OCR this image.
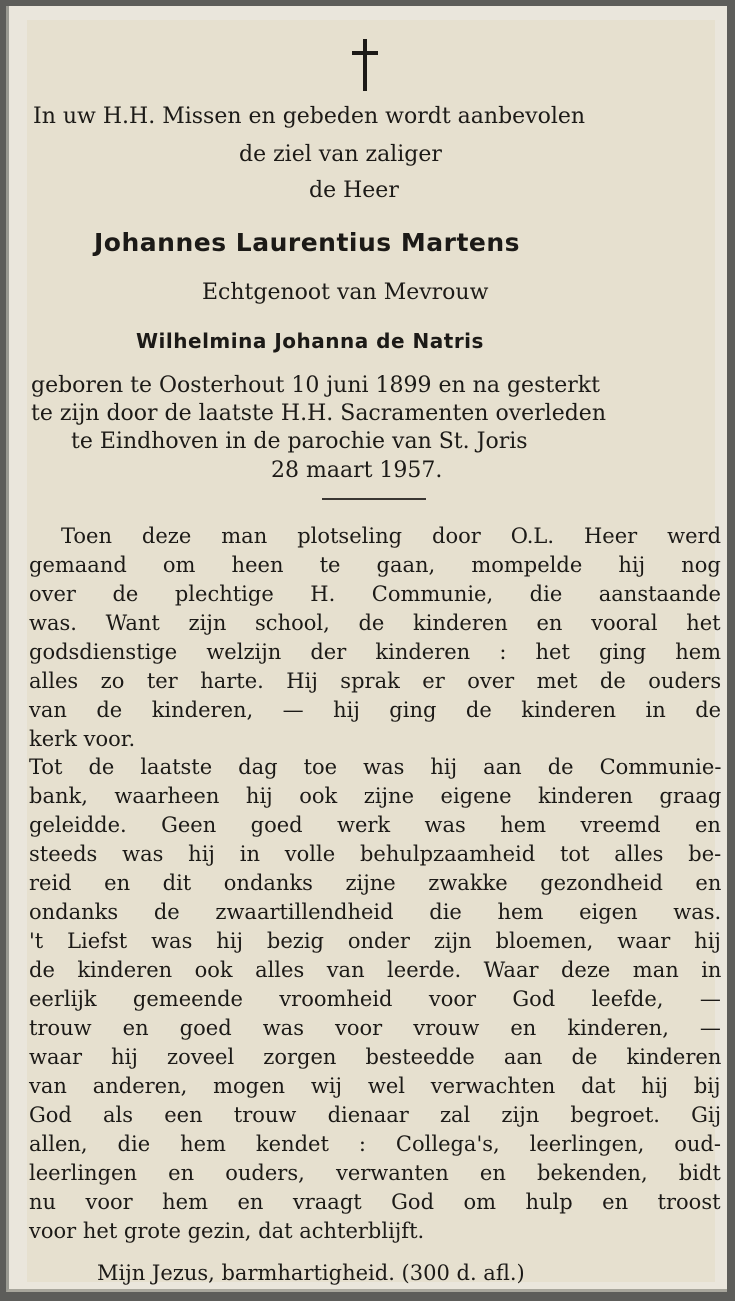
In uw H.H. Missen en gebeden wordt aanbevolen
de ziel van zaliger
de Heer
Johannes Laurentius Martens
Echtgenoot van Mevrouw
Wilhelmina Johanna de Natris
geboren te Oosterhout 10 juni 1899 en na gesterkt
te zijn door de laatste H.H. Sacramenten overleden
te Eindhoven in de parochie van St. Joris
28 maart 1957.
Toen deze man plotseling door O.L. Heer werd
gemaand om heen te gaan, mompelde hij nog
over de plechtige H. Communie, die aanstaande
was. Want zijn school, de kinderen en vooral het
godsdienstige welzijn der kinderen : het ging hem
alles zo ter harte. Hij sprak er over met de ouders
van de kinderen, — hij ging de kinderen in de
kerk voor.
Tot de laatste dag toe was hij aan de Communie-
bank, waarheen hij ook zijne eigene kinderen graag
geleidde. Geen goed werk was hem vreemd en
steeds was hij in volle behulpzaamheid tot alles be-
reid en dit ondanks zijne zwakke gezondheid en
ondanks de zwaartillendheid die hem eigen was.
't Liefst was hij bezig onder zijn bloemen, waar hij
de kinderen ook alles van leerde. Waar deze man in
eerlijk gemeende vroomheid voor God leefde, —
trouw en goed was voor vrouw en kinderen, —
waar hij zoveel zorgen besteedde aan de kinderen
van anderen, mogen wij wel verwachten dat hij bij
God als een trouw dienaar zal zijn begroet. Gij
allen, die hem kendet : Collega's, leerlingen, oud-
leerlingen en ouders, verwanten en bekenden, bidt
nu voor hem en vraagt God om hulp en troost
voor het grote gezin, dat achterblijft.
Mijn Jezus, barmhartigheid. (300 d. afl.)
